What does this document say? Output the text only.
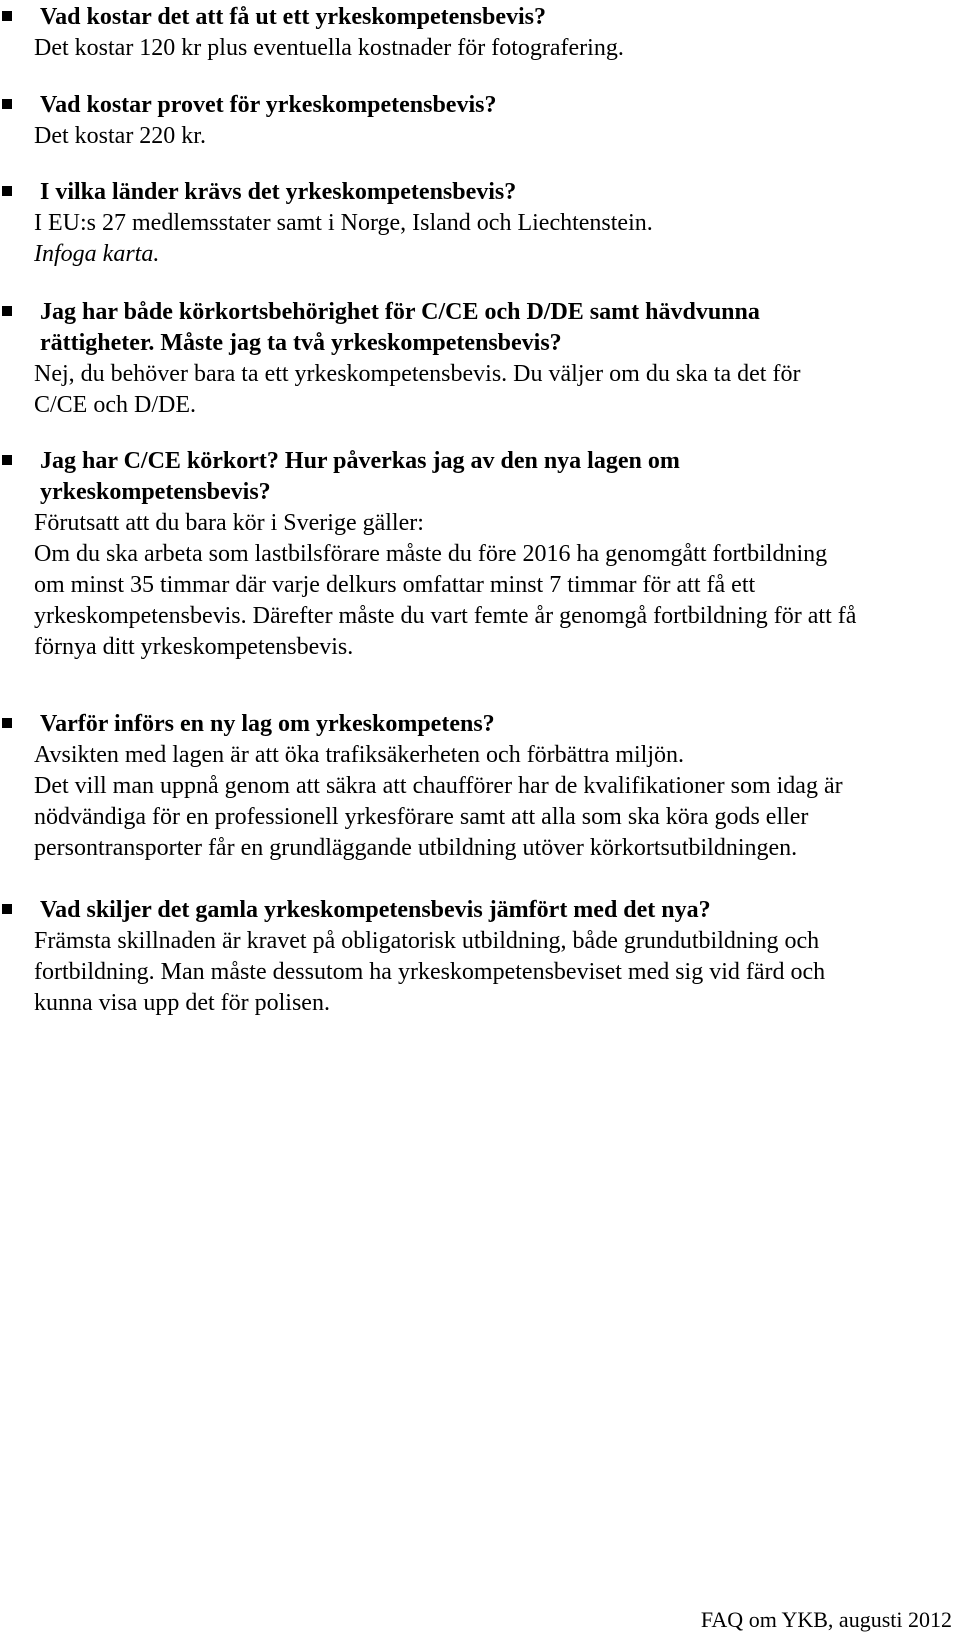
Vad kostar det att få ut ett yrkeskompetensbevis?
Det kostar 120 kr plus eventuella kostnader för fotografering.
Vad kostar provet för yrkeskompetensbevis?
Det kostar 220 kr.
I vilka länder krävs det yrkeskompetensbevis?
I EU:s 27 medlemsstater samt i Norge, Island och Liechtenstein.
Infoga karta.
Jag har både körkortsbehörighet för C/CE och D/DE samt hävdvunna
rättigheter. Måste jag ta två yrkeskompetensbevis?
Nej, du behöver bara ta ett yrkeskompetensbevis. Du väljer om du ska ta det för
C/CE och D/DE.
Jag har C/CE körkort? Hur påverkas jag av den nya lagen om
yrkeskompetensbevis?
Förutsatt att du bara kör i Sverige gäller:
Om du ska arbeta som lastbilsförare måste du före 2016 ha genomgått fortbildning
om minst 35 timmar där varje delkurs omfattar minst 7 timmar för att få ett
yrkeskompetensbevis. Därefter måste du vart femte år genomgå fortbildning för att få
förnya ditt yrkeskompetensbevis.
Varför införs en ny lag om yrkeskompetens?
Avsikten med lagen är att öka trafiksäkerheten och förbättra miljön.
Det vill man uppnå genom att säkra att chaufförer har de kvalifikationer som idag är
nödvändiga för en professionell yrkesförare samt att alla som ska köra gods eller
persontransporter får en grundläggande utbildning utöver körkortsutbildningen.
Vad skiljer det gamla yrkeskompetensbevis jämfört med det nya?
Främsta skillnaden är kravet på obligatorisk utbildning, både grundutbildning och
fortbildning. Man måste dessutom ha yrkeskompetensbeviset med sig vid färd och
kunna visa upp det för polisen.
FAQ om YKB, augusti 2012
